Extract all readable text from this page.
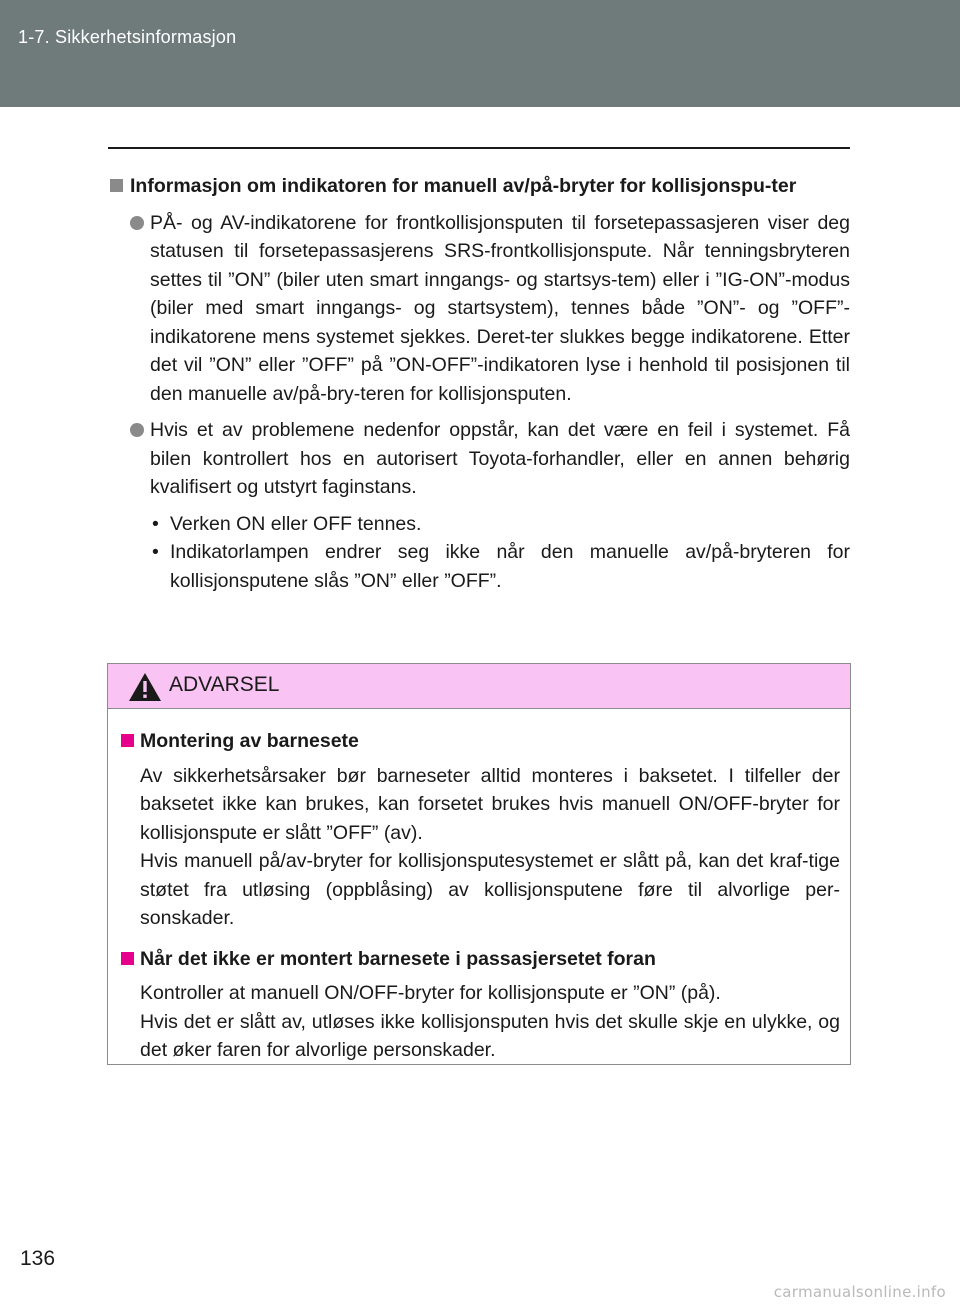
1-7. Sikkerhetsinformasjon
Informasjon om indikatoren for manuell av/på-bryter for kollisjonspu-ter
PÅ- og AV-indikatorene for frontkollisjonsputen til forsetepassasjeren viser deg statusen til forsetepassasjerens SRS-frontkollisjonspute. Når tenningsbryteren settes til ”ON” (biler uten smart inngangs- og startsys-tem) eller i ”IG-ON”-modus (biler med smart inngangs- og startsystem), tennes både ”ON”- og ”OFF”-indikatorene mens systemet sjekkes. Deret-ter slukkes begge indikatorene. Etter det vil ”ON” eller ”OFF” på ”ON-OFF”-indikatoren lyse i henhold til posisjonen til den manuelle av/på-bry-teren for kollisjonsputen.
Hvis et av problemene nedenfor oppstår, kan det være en feil i systemet. Få bilen kontrollert hos en autorisert Toyota-forhandler, eller en annen behørig kvalifisert og utstyrt faginstans.
• Verken ON eller OFF tennes.
• Indikatorlampen endrer seg ikke når den manuelle av/på-bryteren for kollisjonsputene slås ”ON” eller ”OFF”.
ADVARSEL
Montering av barnesete
Av sikkerhetsårsaker bør barneseter alltid monteres i baksetet. I tilfeller der baksetet ikke kan brukes, kan forsetet brukes hvis manuell ON/OFF-bryter for kollisjonspute er slått ”OFF” (av).
Hvis manuell på/av-bryter for kollisjonsputesystemet er slått på, kan det kraf-tige støtet fra utløsing (oppblåsing) av kollisjonsputene føre til alvorlige per-sonskader.
Når det ikke er montert barnesete i passasjersetet foran
Kontroller at manuell ON/OFF-bryter for kollisjonspute er ”ON” (på).
Hvis det er slått av, utløses ikke kollisjonsputen hvis det skulle skje en ulykke, og det øker faren for alvorlige personskader.
136
carmanualsonline.info
